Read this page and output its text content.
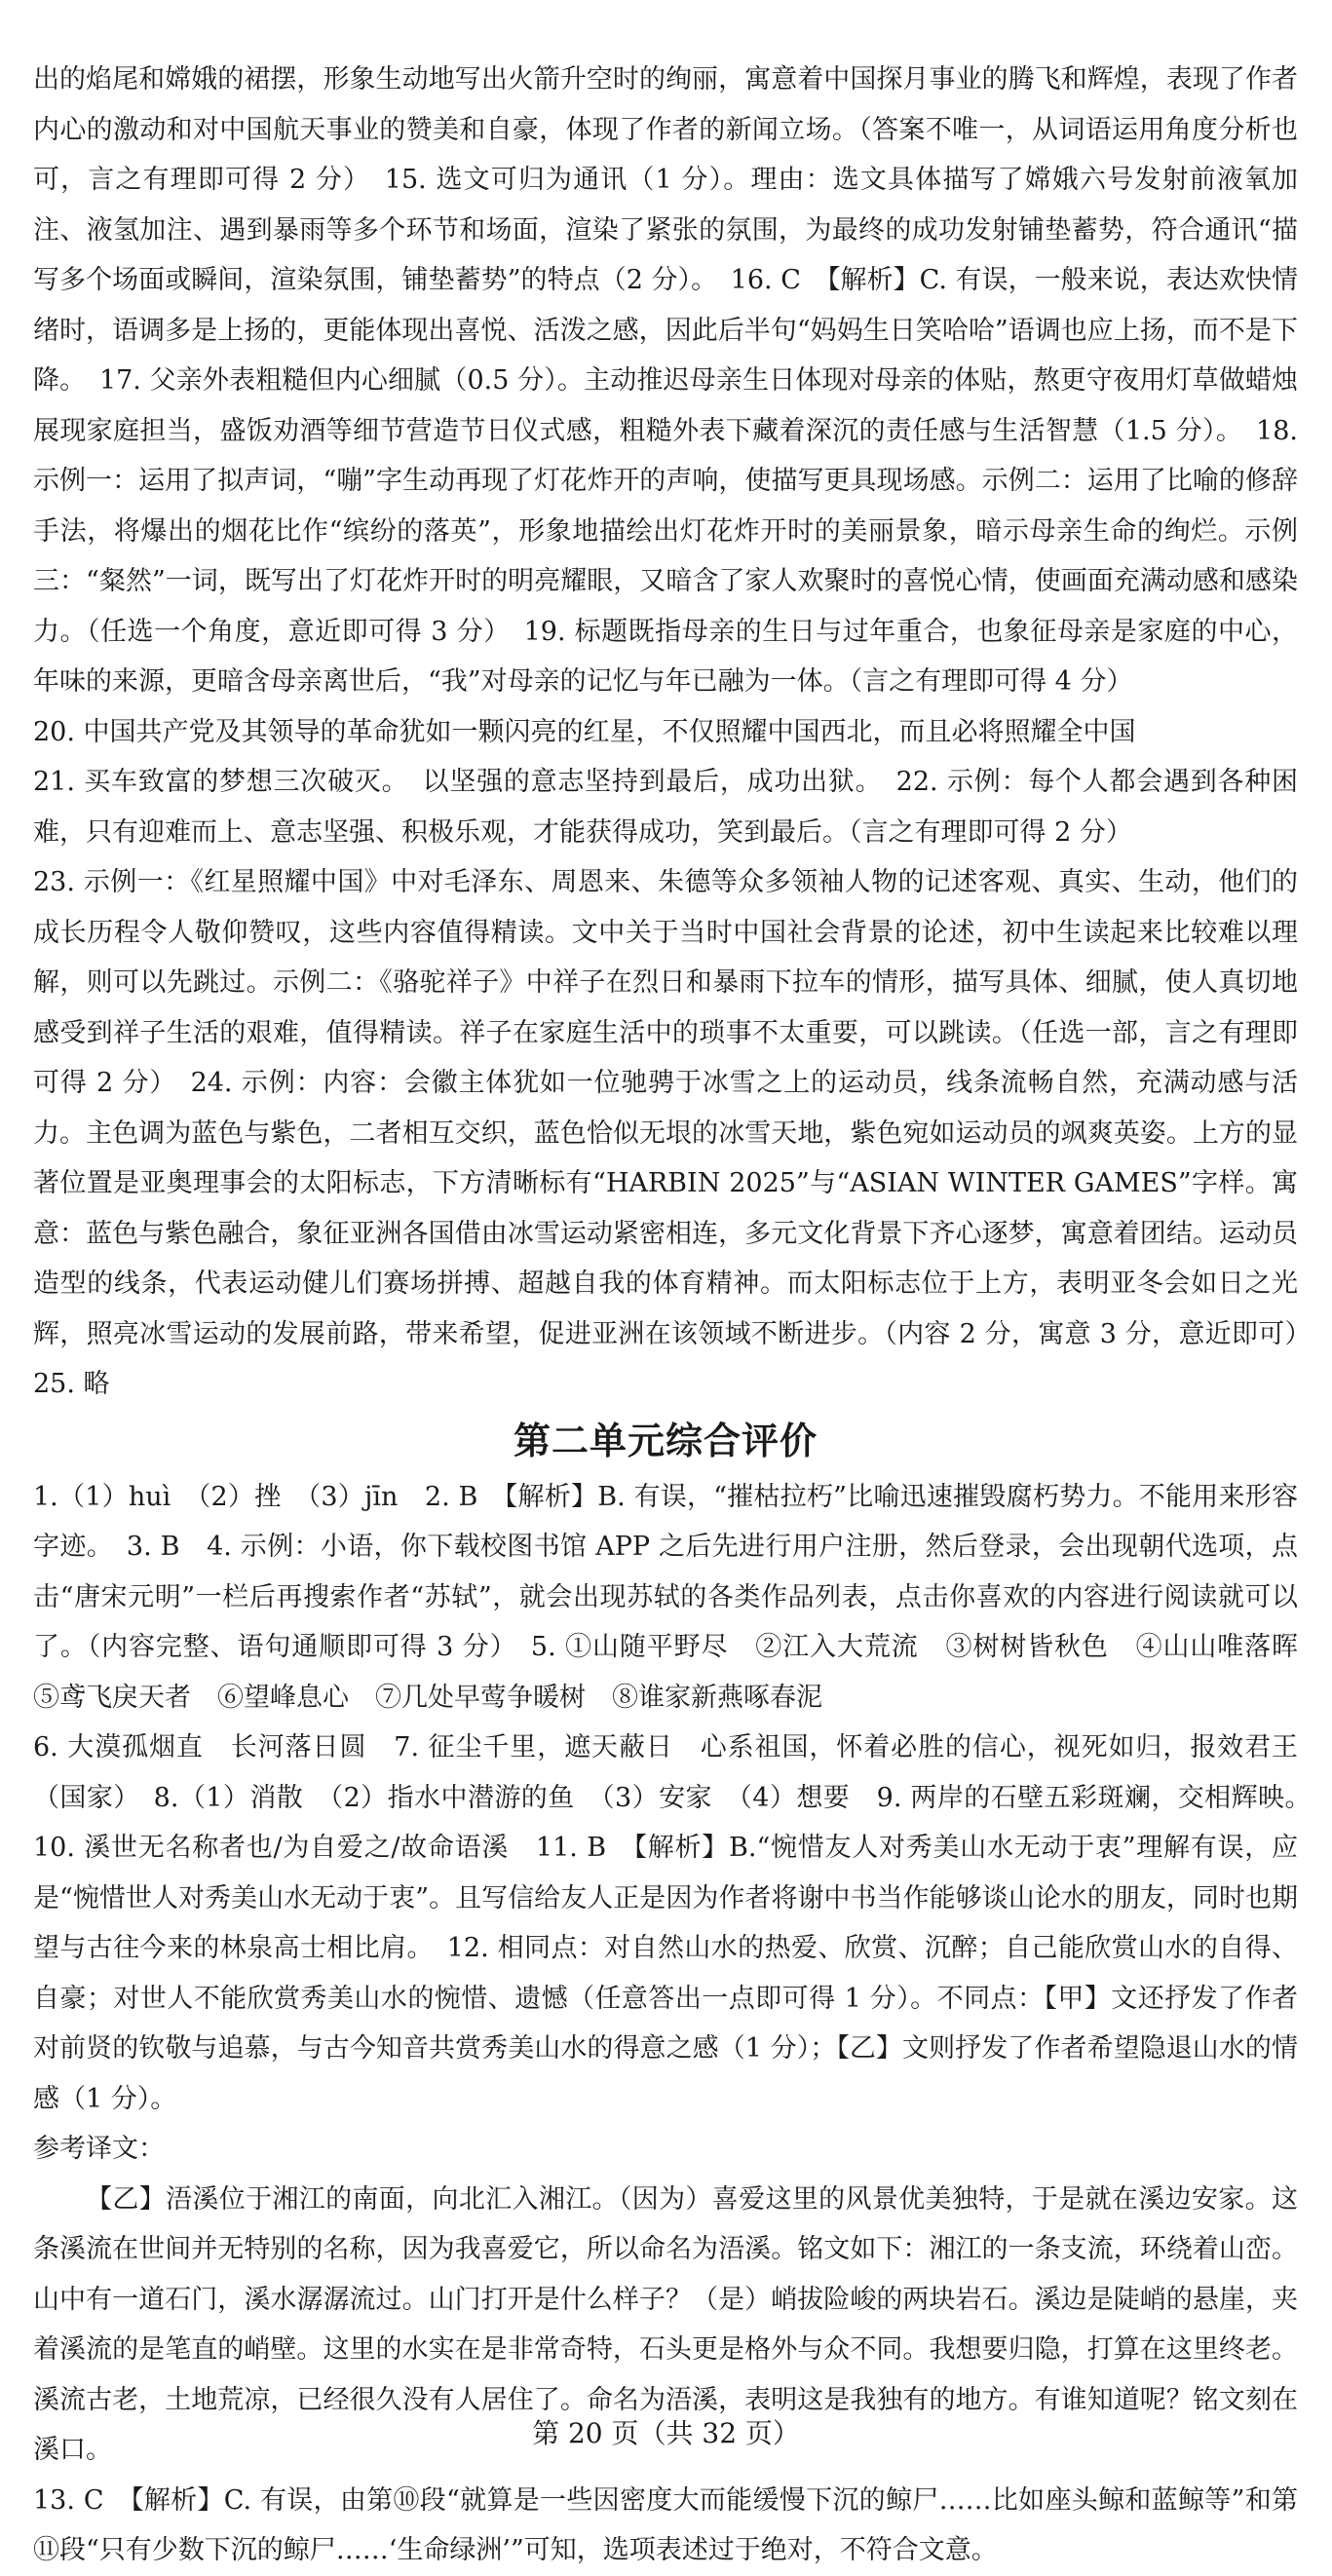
出的焰尾和嫦娥的裙摆，形象生动地写出火箭升空时的绚丽，寓意着中国探月事业的腾飞和辉煌，表现了作者内心的激动和对中国航天事业的赞美和自豪，体现了作者的新闻立场。（答案不唯一，从词语运用角度分析也可，言之有理即可得 2 分）　15. 选文可归为通讯（1 分）。理由：选文具体描写了嫦娥六号发射前液氧加注、液氢加注、遇到暴雨等多个环节和场面，渲染了紧张的氛围，为最终的成功发射铺垫蓄势，符合通讯“描写多个场面或瞬间，渲染氛围，铺垫蓄势”的特点（2 分）。　16. C　【解析】C. 有误，一般来说，表达欢快情绪时，语调多是上扬的，更能体现出喜悦、活泼之感，因此后半句“妈妈生日笑哈哈”语调也应上扬，而不是下降。　17. 父亲外表粗糙但内心细腻（0.5 分）。主动推迟母亲生日体现对母亲的体贴，熬更守夜用灯草做蜡烛展现家庭担当，盛饭劝酒等细节营造节日仪式感，粗糙外表下藏着深沉的责任感与生活智慧（1.5 分）。　18. 示例一：运用了拟声词，“嘣”字生动再现了灯花炸开的声响，使描写更具现场感。示例二：运用了比喻的修辞手法，将爆出的烟花比作“缤纷的落英”，形象地描绘出灯花炸开时的美丽景象，暗示母亲生命的绚烂。示例三：“粲然”一词，既写出了灯花炸开时的明亮耀眼，又暗含了家人欢聚时的喜悦心情，使画面充满动感和感染力。（任选一个角度，意近即可得 3 分）　19. 标题既指母亲的生日与过年重合，也象征母亲是家庭的中心，年味的来源，更暗含母亲离世后，“我”对母亲的记忆与年已融为一体。（言之有理即可得 4 分）

20. 中国共产党及其领导的革命犹如一颗闪亮的红星，不仅照耀中国西北，而且必将照耀全中国

21. 买车致富的梦想三次破灭。　以坚强的意志坚持到最后，成功出狱。　22. 示例：每个人都会遇到各种困难，只有迎难而上、意志坚强、积极乐观，才能获得成功，笑到最后。（言之有理即可得 2 分）

23. 示例一：《红星照耀中国》中对毛泽东、周恩来、朱德等众多领袖人物的记述客观、真实、生动，他们的成长历程令人敬仰赞叹，这些内容值得精读。文中关于当时中国社会背景的论述，初中生读起来比较难以理解，则可以先跳过。示例二：《骆驼祥子》中祥子在烈日和暴雨下拉车的情形，描写具体、细腻，使人真切地感受到祥子生活的艰难，值得精读。祥子在家庭生活中的琐事不太重要，可以跳读。（任选一部，言之有理即可得 2 分）　24. 示例：内容：会徽主体犹如一位驰骋于冰雪之上的运动员，线条流畅自然，充满动感与活力。主色调为蓝色与紫色，二者相互交织，蓝色恰似无垠的冰雪天地，紫色宛如运动员的飒爽英姿。上方的显著位置是亚奥理事会的太阳标志，下方清晰标有“HARBIN 2025”与“ASIAN WINTER GAMES”字样。寓意：蓝色与紫色融合，象征亚洲各国借由冰雪运动紧密相连，多元文化背景下齐心逐梦，寓意着团结。运动员造型的线条，代表运动健儿们赛场拼搏、超越自我的体育精神。而太阳标志位于上方，表明亚冬会如日之光辉，照亮冰雪运动的发展前路，带来希望，促进亚洲在该领域不断进步。（内容 2 分，寓意 3 分，意近即可）　25. 略

第二单元综合评价

1.（1）huì　（2）挫　（3）jīn　2. B　【解析】B. 有误，“摧枯拉朽”比喻迅速摧毁腐朽势力。不能用来形容字迹。　3. B　4. 示例：小语，你下载校图书馆 APP 之后先进行用户注册，然后登录，会出现朝代选项，点击“唐宋元明”一栏后再搜索作者“苏轼”，就会出现苏轼的各类作品列表，点击你喜欢的内容进行阅读就可以了。（内容完整、语句通顺即可得 3 分）　5. ①山随平野尽　②江入大荒流　③树树皆秋色　④山山唯落晖　⑤鸢飞戾天者　⑥望峰息心　⑦几处早莺争暖树　⑧谁家新燕啄春泥

6. 大漠孤烟直　长河落日圆　7. 征尘千里，遮天蔽日　心系祖国，怀着必胜的信心，视死如归，报效君王（国家）　8.（1）消散　（2）指水中潜游的鱼　（3）安家　（4）想要　9. 两岸的石壁五彩斑斓，交相辉映。　10. 溪世无名称者也/为自爱之/故命语溪　11. B　【解析】B.“惋惜友人对秀美山水无动于衷”理解有误，应是“惋惜世人对秀美山水无动于衷”。且写信给友人正是因为作者将谢中书当作能够谈山论水的朋友，同时也期望与古往今来的林泉高士相比肩。　12. 相同点：对自然山水的热爱、欣赏、沉醉；自己能欣赏山水的自得、自豪；对世人不能欣赏秀美山水的惋惜、遗憾（任意答出一点即可得 1 分）。不同点：【甲】文还抒发了作者对前贤的钦敬与追慕，与古今知音共赏秀美山水的得意之感（1 分）；【乙】文则抒发了作者希望隐退山水的情感（1 分）。

参考译文：

【乙】浯溪位于湘江的南面，向北汇入湘江。（因为）喜爱这里的风景优美独特，于是就在溪边安家。这条溪流在世间并无特别的名称，因为我喜爱它，所以命名为浯溪。铭文如下：湘江的一条支流，环绕着山峦。山中有一道石门，溪水潺潺流过。山门打开是什么样子？（是）峭拔险峻的两块岩石。溪边是陡峭的悬崖，夹着溪流的是笔直的峭壁。这里的水实在是非常奇特，石头更是格外与众不同。我想要归隐，打算在这里终老。溪流古老，土地荒凉，已经很久没有人居住了。命名为浯溪，表明这是我独有的地方。有谁知道呢？铭文刻在溪口。

13. C　【解析】C. 有误，由第⑩段“就算是一些因密度大而能缓慢下沉的鲸尸……比如座头鲸和蓝鲸等”和第⑪段“只有少数下沉的鲸尸……‘生命绿洲’”可知，选项表述过于绝对，不符合文意。

第 20 页（共 32 页）
